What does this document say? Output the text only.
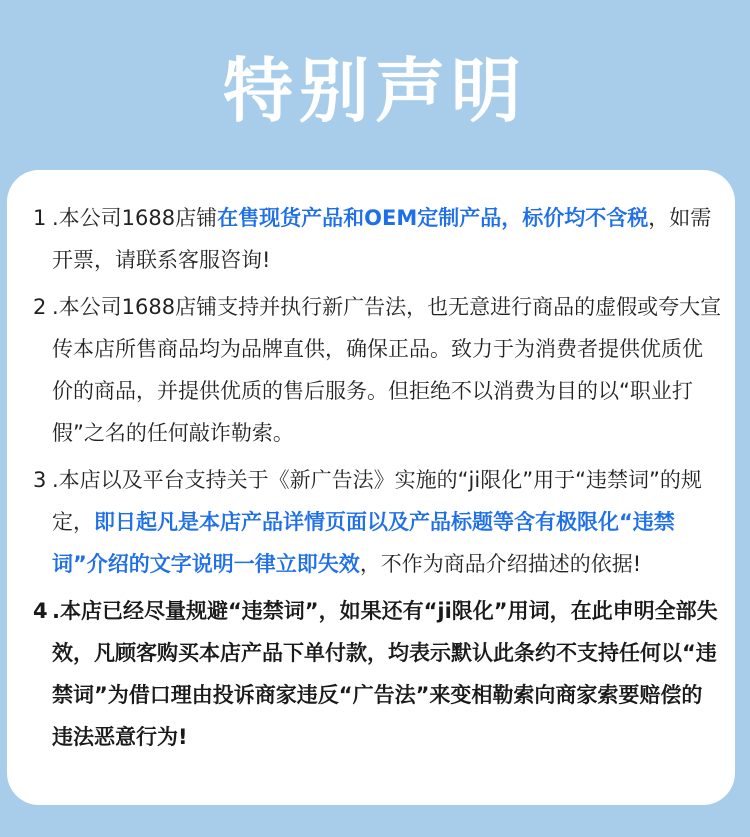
特别声明
1 .本公司1688店铺在售现货产品和OEM定制产品，标价均不含税，如需开票，请联系客服咨询!
2 .本公司1688店铺支持并执行新广告法，也无意进行商品的虚假或夸大宣传本店所售商品均为品牌直供，确保正品。致力于为消费者提供优质优价的商品，并提供优质的售后服务。但拒绝不以消费为目的以“职业打假”之名的任何敲诈勒索。
3 .本店以及平台支持关于《新广告法》实施的“ji限化”用于“违禁词”的规定，即日起凡是本店产品详情页面以及产品标题等含有极限化“违禁词”介绍的文字说明一律立即失效，不作为商品介绍描述的依据!
4 .本店已经尽量规避“违禁词”，如果还有“ji限化”用词，在此申明全部失效，凡顾客购买本店产品下单付款，均表示默认此条约不支持任何以“违禁词”为借口理由投诉商家违反“广告法”来变相勒索向商家索要赔偿的违法恶意行为!
